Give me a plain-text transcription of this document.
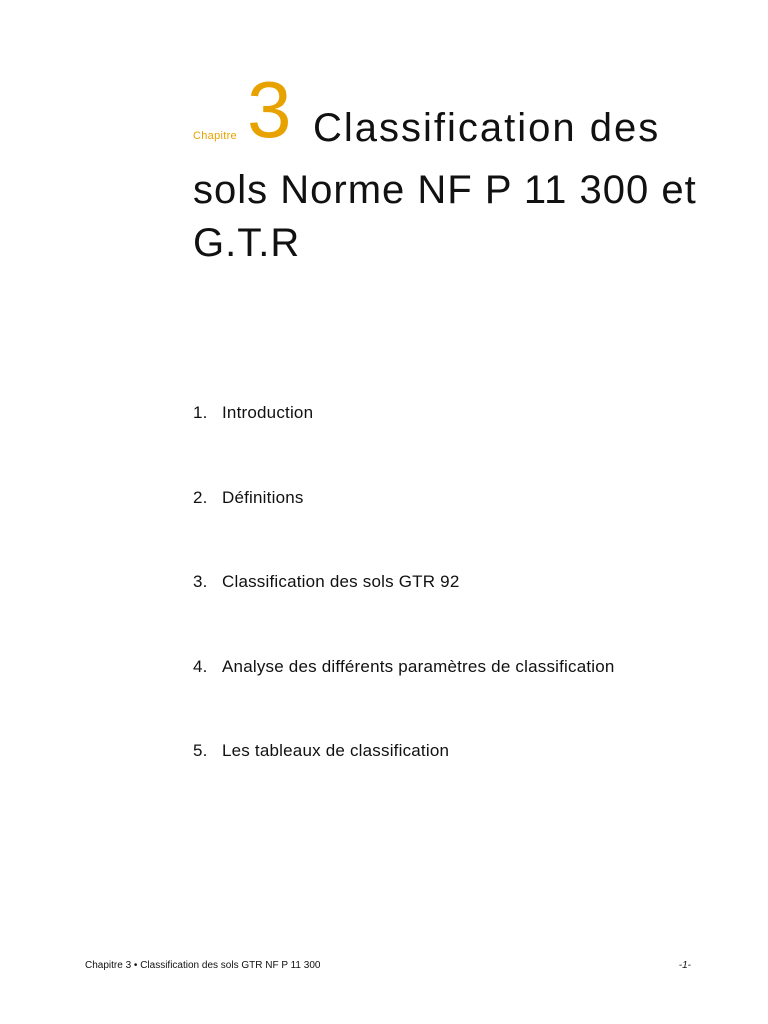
Chapitre 3 Classification des
sols Norme NF P 11 300 et G.T.R
1. Introduction
2. Définitions
3. Classification des sols GTR 92
4. Analyse des différents paramètres de classification
5. Les tableaux de classification
Chapitre 3 • Classification des sols GTR NF P 11 300	-1-
